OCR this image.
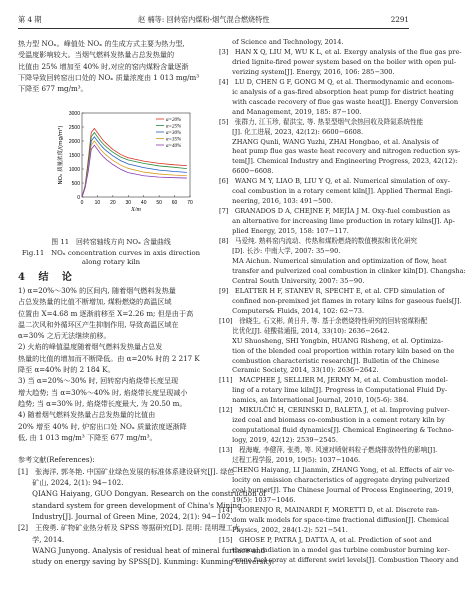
第 4 期	赵 楠等: 回转窑内煤粉-烟气混合燃烧特性	2291
热力型 NOₓ。峰值处 NOₓ 的生成方式主要为热力型,
受温度影响较大。当烟气燃料发热量占总发热量的
比值由 25% 增加至 40% 时,对应的窑内煤粉含量逐渐
下降导致回转窑出口处的 NOₓ 质量浓度由 1 013 mg/m³
下降至 677 mg/m³。
0 10 20 30 40 50 60 70
0
500
1000
1500
2000
2500
3000
X/m
NOₓ 质量浓度/(mg/m³)
α=20%
α=25%
α=30%
α=35%
α=40%
图 11　回转窑轴线方向 NOₓ 含量曲线
Fig.11　NOₓ concentration curves in axis direction
along rotary kiln
4 结 论
1) α=20%～30% 的区间内, 随着烟气燃料发热量
占总发热量的比值不断增加, 煤粉燃烧的高温区域
位置由 X=4.68 m 逐渐前移至 X=2.26 m; 但是由于高
温二次风和外循环区产生抑制作用, 导致高温区域在
α=30% 之后无法继续前移。
2) 火焰的峰值温度随着烟气燃料发热量占总发
热量的比值的增加而不断降低。由 α=20% 时的 2 217 K
降至 α=40% 时的 2 184 K。
3) 当 α=20%～30% 时, 回转窑内焰烧带长度呈现
增大趋势; 当 α=30%～40% 时, 焰烧带长度呈现减小
趋势; 当 α=30% 时, 焰烧带长度最大, 为 20.50 m。
4) 随着烟气燃料发热量占总发热量的比值由
20% 增至 40% 时, 炉窑出口处 NOₓ 质量浓度逐渐降
低, 由 1 013 mg/m³ 下降至 677 mg/m³。

参考文献(References):
[1]　张海洋, 郭冬艳. 中国矿业绿色发展的标准体系建设研究[J]. 绿色
　　矿山, 2024, 2(1): 94−102.
　　QIANG Haiyang, GUO Dongyan. Research on the construction of
　　standard system for green development of China's Mining
　　Industry[J]. Journal of Green Mine, 2024, 2(1): 94−102.
[2]　王俊勇. 矿物矿业热分析及 SPSS 等据研究[D]. 昆明: 昆明理工大
　　学, 2014.
　　WANG Junyong. Analysis of residual heat of mineral furnace and
　　study on energy saving by SPSS[D]. Kunming: Kunming University
　　of Science and Technology, 2014.
[3]　HAN X Q, LIU M, WU K L, et al. Exergy analysis of the flue gas pre-
　　dried lignite-fired power system based on the boiler with open pul-
　　verizing system[J]. Energy, 2016, 106: 285−300.
[4]　LU D, CHEN G F, GONG M Q, et al. Thermodynamic and econom-
　　ic analysis of a gas-fired absorption heat pump for district heating
　　with cascade recovery of flue gas waste heat[J]. Energy Conversion
　　and Management, 2019, 185: 87−100.
[5]　张群力, 江玉珍, 翟洪宝, 等. 热泵型烟气余热回收及降氮系统性能
　　[J]. 化工进展, 2023, 42(12): 6600−6608.
　　ZHANG Qunli, WANG Yuzhi, ZHAI Hongbao, et al. Analysis of
　　heat pump flue gas waste heat recovery and nitrogen reduction sys-
　　tem[J]. Chemical Industry and Engineering Progress, 2023, 42(12):
　　6600−6608.
[6]　WANG M Y, LIAO B, LIU Y Q, et al. Numerical simulation of oxy-
　　coal combustion in a rotary cement kiln[J]. Applied Thermal Engi-
　　neering, 2016, 103: 491−500.
[7]　GRANADOS D A, CHEJNE F, MEJÍA J M. Oxy-fuel combustion as
　　an alternative for increasing lime production in rotary kilns[J]. Ap-
　　plied Energy, 2015, 158: 107−117.
[8]　马爱纯. 熟料窑内流动、传热和煤粉燃烧的数值模拟和优化研究
　　[D]. 长沙: 中南大学, 2007: 35−90.
　　MA Aichun. Numerical simulation and optimization of flow, heat
　　transfer and pulverized coal combustion in clinker kiln[D]. Changsha:
　　Central South University, 2007: 35−90.
[9]　ELATTER H F, STANEV R, SPECHT E, et al. CFD simulation of
　　confined non-premixed jet flames in rotary kilns for gaseous fuels[J].
　　Computers& Fluids, 2014, 102: 62−73.
[10]　徐晓生, 石文彬, 黄日升, 等. 基于余燃烧特性研究的回转窑煤粉配
　　比优化[J]. 硅酸盐通报, 2014, 33(10): 2636−2642.
　　XU Shuosheng, SHI Yongbin, HUANG Risheng, et al. Optimiza-
　　tion of the blended coal proportion within rotary kiln based on the
　　combustion characteristic research[J]. Bulletin of the Chinese
　　Ceramic Society, 2014, 33(10): 2636−2642.
[11]　MACPHEE J, SELLIER M, JERMY M, et al. Combustion model-
　　ling of a rotary lime kiln[J]. Progress in Computational Fluid Dy-
　　namics, an International Journal, 2010, 10(5-6): 384.
[12]　MIKULČIĆ H, CERINSKI D, BALETA J, et al. Improving pulver-
　　ized coal and biomass co-combustion in a cement rotary kiln by
　　computational fluid dynamics[J]. Chemical Engineering & Techno-
　　logy, 2019, 42(12): 2539−2545.
[13]　程海庵, 李健萍, 张勇, 等. 风速对喷射料粒子燃烧排放特性的影响[J].
　　过程工程学报, 2019, 19(5): 1037−1046.
　　CHENG Haiyang, LI Jianmin, ZHANG Yong, et al. Effects of air ve-
　　locity on emission characteristics of aggregate drying pulverized
　　coal burner[J]. The Chinese Journal of Process Engineering, 2019,
　　19(5): 1037−1046.
[14]　GORENJO R, MAINARDI F, MORETTI D, et al. Discrete ran-
　　dom walk models for space-time fractional diffusion[J]. Chemical
　　Physics, 2002, 284(1-2): 521−541.
[15]　GHOSE P, PATRA J, DATTA A, et al. Prediction of soot and
　　thermal radiation in a model gas turbine combustor burning ker-
　　osene fuel spray at different swirl levels[J]. Combustion Theory and
